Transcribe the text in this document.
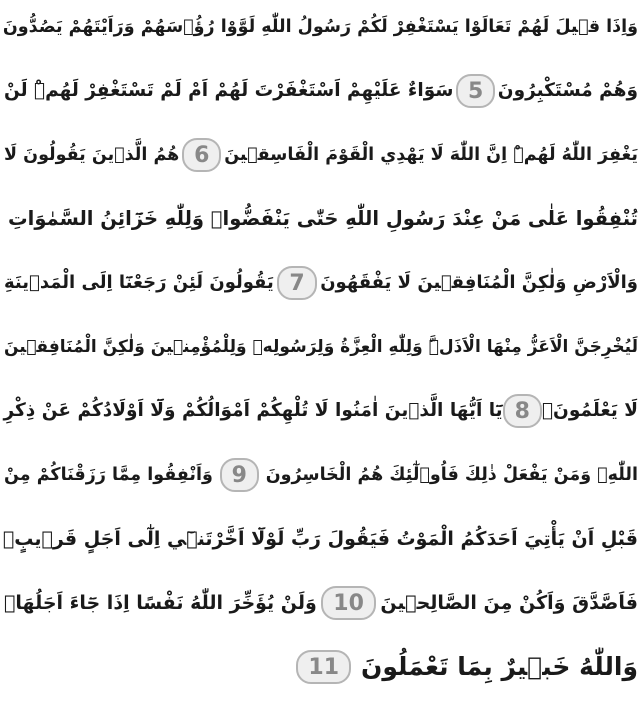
وَاِذَا قٖيلَ لَهُمْ تَعَالَوْا يَسْتَغْفِرْ لَكُمْ رَسُولُ اللّٰهِ لَوَّوْا رُؤُ۫سَهُمْ وَرَاَيْتَهُمْ يَصُدُّونَ
وَهُمْ مُسْتَكْبِرُونَ
5
سَوَٓاءٌ عَلَيْهِمْ اَسْتَغْفَرْتَ لَهُمْ اَمْ لَمْ تَسْتَغْفِرْ لَهُمْۜ لَنْ
يَغْفِرَ اللّٰهُ لَهُمْۜ اِنَّ اللّٰهَ لَا يَهْدِي الْقَوْمَ الْفَاسِقٖينَ
6
هُمُ الَّذٖينَ يَقُولُونَ لَا
تُنْفِقُوا عَلٰى مَنْ عِنْدَ رَسُولِ اللّٰهِ حَتّٰى يَنْفَضُّواۜ وَلِلّٰهِ خَزَٓائِنُ السَّمٰوَاتِ
وَالْاَرْضِ وَلٰكِنَّ الْمُنَافِقٖينَ لَا يَفْقَهُونَ
7
يَقُولُونَ لَئِنْ رَجَعْنَٓا اِلَى الْمَدٖينَةِ
لَيُخْرِجَنَّ الْاَعَزُّ مِنْهَا الْاَذَلَّۜ وَلِلّٰهِ الْعِزَّةُ وَلِرَسُولِهٖ وَلِلْمُؤْمِنٖينَ وَلٰكِنَّ الْمُنَافِقٖينَ
لَا يَعْلَمُونَ۟
8
يَٓا اَيُّهَا الَّذٖينَ اٰمَنُوا لَا تُلْهِكُمْ اَمْوَالُكُمْ وَلَٓا اَوْلَادُكُمْ عَنْ ذِكْرِ
اللّٰهِۚ وَمَنْ يَفْعَلْ ذٰلِكَ فَاُو۬لٰٓئِكَ هُمُ الْخَاسِرُونَ
9
وَاَنْفِقُوا مِمَّا رَزَقْنَاكُمْ مِنْ
قَبْلِ اَنْ يَأْتِيَ اَحَدَكُمُ الْمَوْتُ فَيَقُولَ رَبِّ لَوْلَٓا اَخَّرْتَنٖٓي اِلٰٓى اَجَلٍ قَرٖيبٍۙ
فَاَصَّدَّقَ وَاَكُنْ مِنَ الصَّالِحٖينَ
10
وَلَنْ يُؤَخِّرَ اللّٰهُ نَفْسًا اِذَا جَٓاءَ اَجَلُهَاۜ
وَاللّٰهُ خَبٖيرٌ بِمَا تَعْمَلُونَ
11
